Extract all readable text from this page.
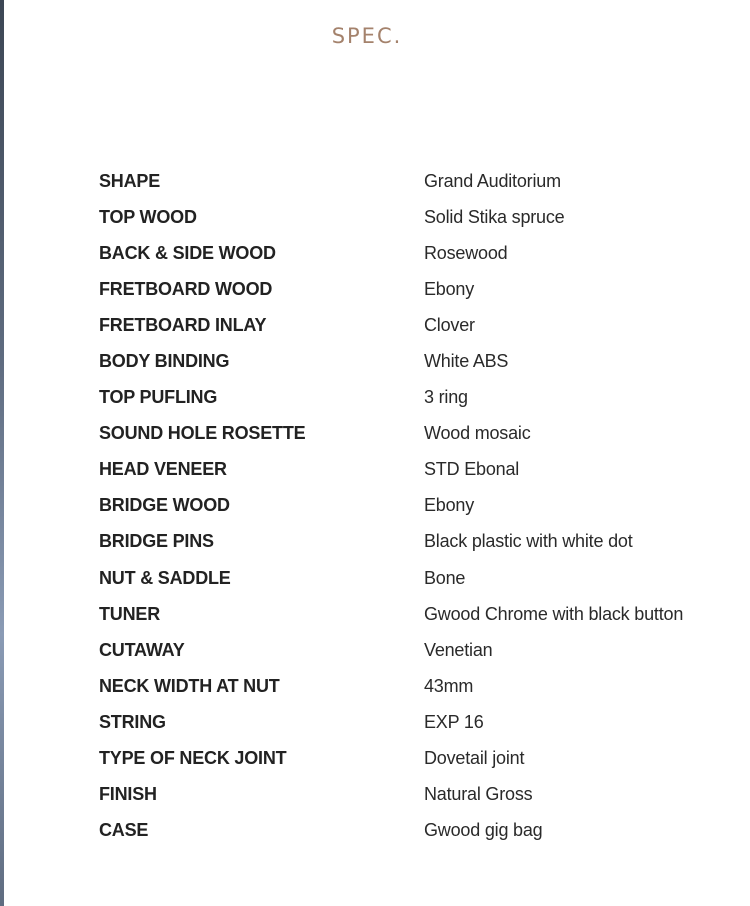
SPEC.
SHAPE	Grand Auditorium
TOP WOOD	Solid Stika spruce
BACK & SIDE WOOD	Rosewood
FRETBOARD WOOD	Ebony
FRETBOARD INLAY	Clover
BODY BINDING	White ABS
TOP PUFLING	3 ring
SOUND HOLE ROSETTE	Wood mosaic
HEAD VENEER	STD Ebonal
BRIDGE WOOD	Ebony
BRIDGE PINS	Black plastic with white dot
NUT & SADDLE	Bone
TUNER	Gwood Chrome with black button
CUTAWAY	Venetian
NECK WIDTH AT NUT	43mm
STRING	EXP 16
TYPE OF NECK JOINT	Dovetail joint
FINISH	Natural Gross
CASE	Gwood gig bag
